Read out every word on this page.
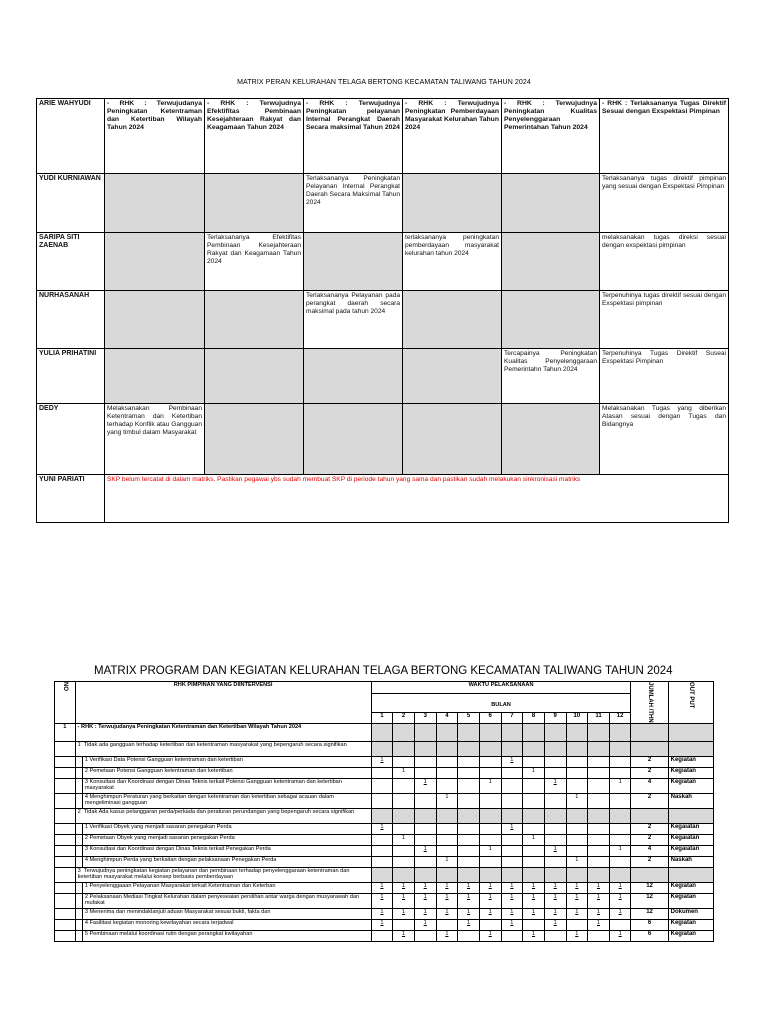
MATRIX PERAN KELURAHAN TELAGA BERTONG KECAMATAN TALIWANG TAHUN 2024
ARIE WAHYUDI	- RHK : Terwujudanya Peningkatan Ketentraman dan Ketertiban Wilayah Tahun 2024	- RHK : Terwujudnya Efektifitas Pembinaan Kesejahteraan Rakyat dan Keagamaan Tahun 2024	- RHK : Terwujudnya Peningkatan pelayanan Internal Perangkat Daerah Secara maksimal Tahun 2024	- RHK : Terwujudnya Peningkatan Pemberdayaan Masyarakat Kelurahan Tahun 2024	- RHK : Terwujudnya Peningkatan Kualitas Penyelenggaraan Pemerintahan Tahun 2024	- RHK : Terlaksananya Tugas Direktif Sesuai dengan Exspektasi Pimpinan
YUDI KURNIAWAN			Terlaksananya Peningkatan Pelayanan Internal Perangkat Daerah Secara Maksimal Tahun 2024			Terlaksananya tugas direktif pimpinan yang sesuai dengan Exspektasi Pimpinan
SARIPA SITI ZAENAB		Terlaksananya Efektifitas Pembinaan Kesejahteraan Rakyat dan Keagamaan Tahun 2024		terlaksananya peningkatan pemberdayaan masyarakat kelurahan tahun 2024		melaksanakan tugas direksi sesuai dengan exspektasi pimpinan
NURHASANAH			Terlaksananya Pelayanan pada perangkat daerah secara maksimal pada tahun 2024			Terpenuhinya tugas direktif sesuai dengan Exspektasi pimpinan
YULIA PRIHATINI					Tercapainya Peningkatan Kualitas Penyelenggaraan Pemerintahn Tahun 2024	Terpenuhinya Tugas Direktif Suseai Exspektasi Pimpinan
DEDY	Melaksanakan Pembinaan Ketentraman dan Ketertiban terhadap Konflik atau Gangguan yang timbul dalam Masyarakat					Melaksanakan Tugas yang diberikan Atasan sesuai dengan Tugas dan Bidangnya
YUNI PARIATI	SKP belum tercatat di dalam matriks. Pastikan pegawai ybs sudah membuat SKP di periode tahun yang sama dan pastikan sudah melakukan sinkronisasi matriks					
MATRIX PROGRAM DAN KEGIATAN KELURAHAN TELAGA BERTONG KECAMATAN TALIWANG TAHUN 2024
NO	RHK PIMPINAN YANG DIINTERVENSI		WAKTU PELAKSANAAN												JUMLAH /THN	OUT PUT

			BULAN													
			1	2	3	4	5	6	7	8	9	10	11	12		
1	- RHK : Terwujudanya Peningkatan Ketentraman dan Ketertiban Wilayah Tahun 2024															
	1 Tidak ada gangguan terhadap ketertiban dan ketentraman masyarakat yang bepengaruh secara signifikan															
		1 Verifikasi Data Potensi Gangguan ketentraman dan ketertiban	1						1						2	Kegiatan
		2 Pemetaan Potensi Gangguan ketentraman dan ketertiban		1						1					2	Kegiatan
		3 Konsultasi dan Koordinasi dengan Dinas Teknis terkait Potensi Gangguan ketentraman dan ketertiban masyarakat			1			1			1			1	4	Kegiatan
		4 Menghimpun Peraturan yang berkaitan dengan ketentraman dan ketertiban sebagai acauan dalam mengeliminasi gangguan				1						1			2	Naskah
	2 Tidak Ada kasus pelanggaran perda/perkada dan peraturan perundangan yang bepengaruh secara signifikan															
		1 Verifikasi Obyek yang menjadi sasaran penegakan Perda	1						1						2	Kegaiatan
		2 Pemetaan Obyek yang menjadi sasaran penegakan Perda		1						1					2	Kegaiatan
		3 Konsultasi dan Koordinasi dengan Dinas Teknis terkait Penegakan Perda			1			1			1			1	4	Kegaiatan
		4 Menghimpun Perda yang berkaitan dengan pelaksanaan Penegakan Perda				1						1			2	Naskah
	3 Terwujudnya peningkatan kegiatan pelayanan dan pembinaan terhadap penyelenggaraan ketentraman dan ketertiban masyarakat melalui konsep berbasis pemberdayaan															
		1 Penyelenggaaan Pelayanan Masyarakat terkait Ketentraman dan Keterban	1	1	1	1	1	1	1	1	1	1	1	1	12	Kegiatan
		2 Pelaksanaan Mediasi Tingkat Kelurahan dalam penyeseaian perslihan antar warga dengan musyarawah dan mufakat	1	1	1	1	1	1	1	1	1	1	1	1	12	Kegiatan
		3 Menerima dan menindaklanjuti aduan Masyarakat sesuai bukti, fakta dan	1	1	1	1	1	1	1	1	1	1	1	1	12	Dokumen
		4 Fasilitasi kegiatan monoring kewilayahan secara terjadwal	1		1		1		1		1		1		6	Kegiatan
		5 Pembinaan melalui koordinasi rutin dengan perangkat kwilayahan		1		1		1		1		1		1	6	Kegiatan
